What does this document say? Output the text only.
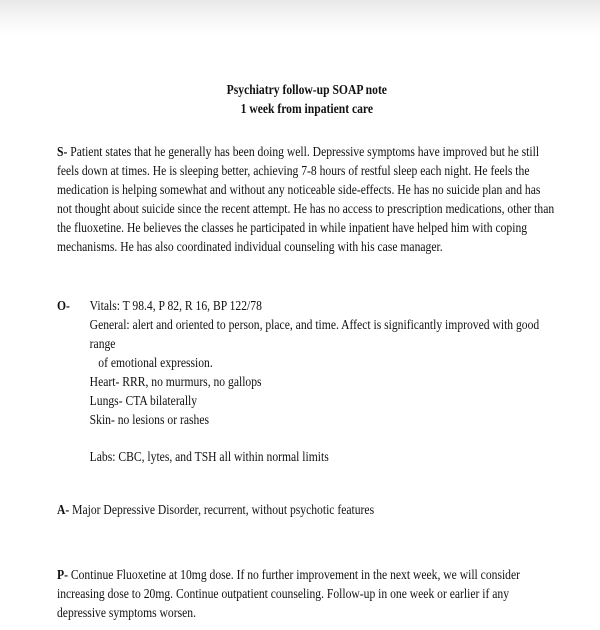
Psychiatry follow-up SOAP note
1 week from inpatient care

S- Patient states that he generally has been doing well. Depressive symptoms have improved but he still feels down at times. He is sleeping better, achieving 7-8 hours of restful sleep each night. He feels the medication is helping somewhat and without any noticeable side-effects. He has no suicide plan and has not thought about suicide since the recent attempt. He has no access to prescription medications, other than the fluoxetine. He believes the classes he participated in while inpatient have helped him with coping mechanisms. He has also coordinated individual counseling with his case manager.

O- Vitals: T 98.4, P 82, R 16, BP 122/78
General: alert and oriented to person, place, and time. Affect is significantly improved with good range
of emotional expression.
Heart- RRR, no murmurs, no gallops
Lungs- CTA bilaterally
Skin- no lesions or rashes
Labs: CBC, lytes, and TSH all within normal limits

A- Major Depressive Disorder, recurrent, without psychotic features

P- Continue Fluoxetine at 10mg dose. If no further improvement in the next week, we will consider increasing dose to 20mg. Continue outpatient counseling. Follow-up in one week or earlier if any depressive symptoms worsen.
